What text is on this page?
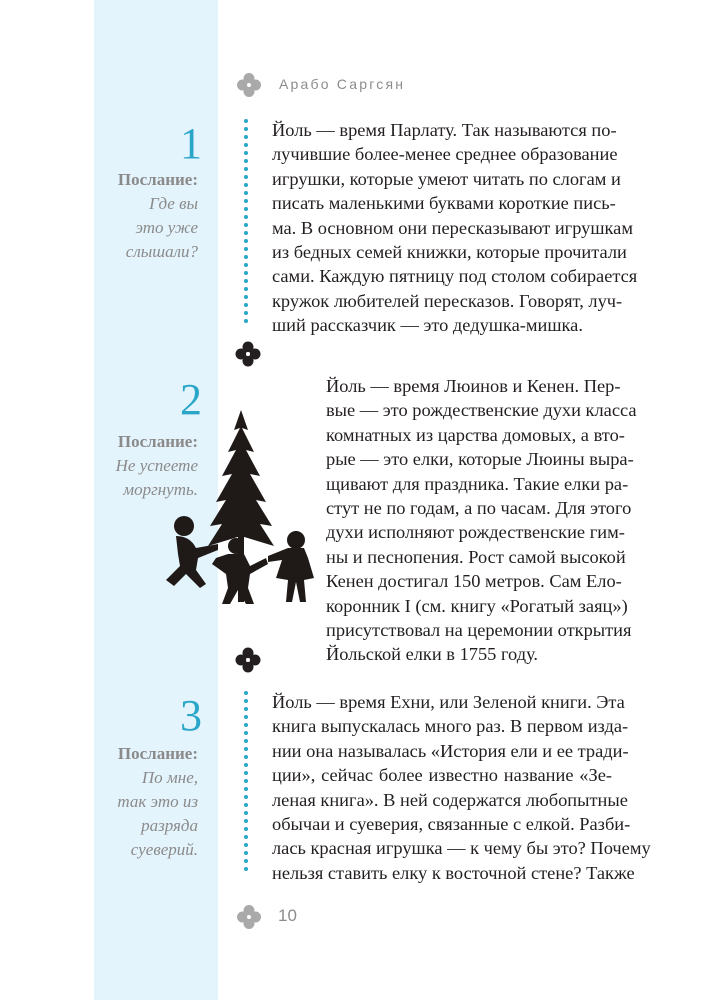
Арабо Саргсян
1
Послание:
Где вы
это уже
слышали?
Йоль — время Парлату. Так называются по-
лучившие более-менее среднее образование
игрушки, которые умеют читать по слогам и
писать маленькими буквами короткие пись-
ма. В основном они пересказывают игрушкам
из бедных семей книжки, которые прочитали
сами. Каждую пятницу под столом собирается
кружок любителей пересказов. Говорят, луч-
ший рассказчик — это дедушка-мишка.
2
Послание:
Не успеете
моргнуть.
Йоль — время Люинов и Кенен. Пер-
вые — это рождественские духи класса
комнатных из царства домовых, а вто-
рые — это елки, которые Люины выра-
щивают для праздника. Такие елки ра-
стут не по годам, а по часам. Для этого
духи исполняют рождественские гим-
ны и песнопения. Рост самой высокой
Кенен достигал 150 метров. Сам Ело-
коронник I (см. книгу «Рогатый заяц»)
присутствовал на церемонии открытия
Йольской елки в 1755 году.
3
Послание:
По мне,
так это из
разряда
суеверий.
Йоль — время Ехни, или Зеленой книги. Эта
книга выпускалась много раз. В первом изда-
нии она называлась «История ели и ее тради-
ции», сейчас более известно название «Зе-
леная книга». В ней содержатся любопытные
обычаи и суеверия, связанные с елкой. Разби-
лась красная игрушка — к чему бы это? Почему
нельзя ставить елку к восточной стене? Также
10
